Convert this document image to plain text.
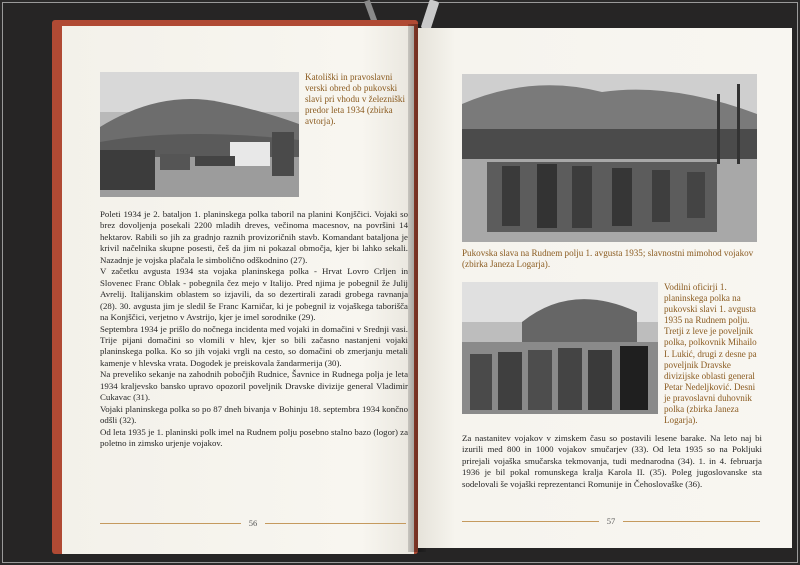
Katoliški in pravoslavni verski obred ob pukovski slavi pri vhodu v železniški predor leta 1934 (zbirka avtorja).

Poleti 1934 je 2. bataljon 1. planinskega polka taboril na planini Konjščici. Vojaki so brez dovoljenja posekali 2200 mladih dreves, večinoma macesnov, na površini 14 hektarov. Rabili so jih za gradnjo raznih provizoričnih stavb. Komandant bataljona je krivil načelnika skupne posesti, češ da jim ni pokazal območja, kjer bi lahko sekali. Nazadnje je vojska plačala le simbolično odškodnino (27).

V začetku avgusta 1934 sta vojaka planinskega polka - Hrvat Lovro Crljen in Slovenec Franc Oblak - pobegnila čez mejo v Italijo. Pred njima je pobegnil že Julij Avrelij. Italijanskim oblastem so izjavili, da so dezertirali zaradi grobega ravnanja (28). 30. avgusta jim je sledil še Franc Karničar, ki je pobegnil iz vojaškega taborišča na Konjščici, verjetno v Avstrijo, kjer je imel sorodnike (29).

Septembra 1934 je prišlo do nočnega incidenta med vojaki in domačini v Srednji vasi. Trije pijani domačini so vlomili v hlev, kjer so bili začasno nastanjeni vojaki planinskega polka. Ko so jih vojaki vrgli na cesto, so domačini ob zmerjanju metali kamenje v hlevska vrata. Dogodek je preiskovala žandarmerija (30).

Na preveliko sekanje na zahodnih pobočjih Rudnice, Šavnice in Rudnega polja je leta 1934 kraljevsko bansko upravo opozoril poveljnik Dravske divizije general Vladimir Cukavac (31).

Vojaki planinskega polka so po 87 dneh bivanja v Bohinju 18. septembra 1934 končno odšli (32).

Od leta 1935 je 1. planinski polk imel na Rudnem polju posebno stalno bazo (logor) za poletno in zimsko urjenje vojakov.

56
Pukovska slava na Rudnem polju 1. avgusta 1935; slavnostni mimohod vojakov (zbirka Janeza Logarja).
Vodilni oficirji 1. planinskega polka na pukovski slavi 1. avgusta 1935 na Rudnem polju. Tretji z leve je poveljnik polka, polkovnik Mihailo I. Lukić, drugi z desne pa poveljnik Dravske divizijske oblasti general Petar Nedeljković. Desni je pravoslavni duhovnik polka (zbirka Janeza Logarja).
Za nastanitev vojakov v zimskem času so postavili lesene barake. Na leto naj bi izurili med 800 in 1000 vojakov smučarjev (33). Od leta 1935 so na Pokljuki prirejali vojaška smučarska tekmovanja, tudi mednarodna (34). 1. in 4. februarja 1936 je bil pokal romunskega kralja Karola II. (35). Poleg jugoslovanske sta sodelovali še vojaški reprezentanci Romunije in Čehoslovaške (36).
57
